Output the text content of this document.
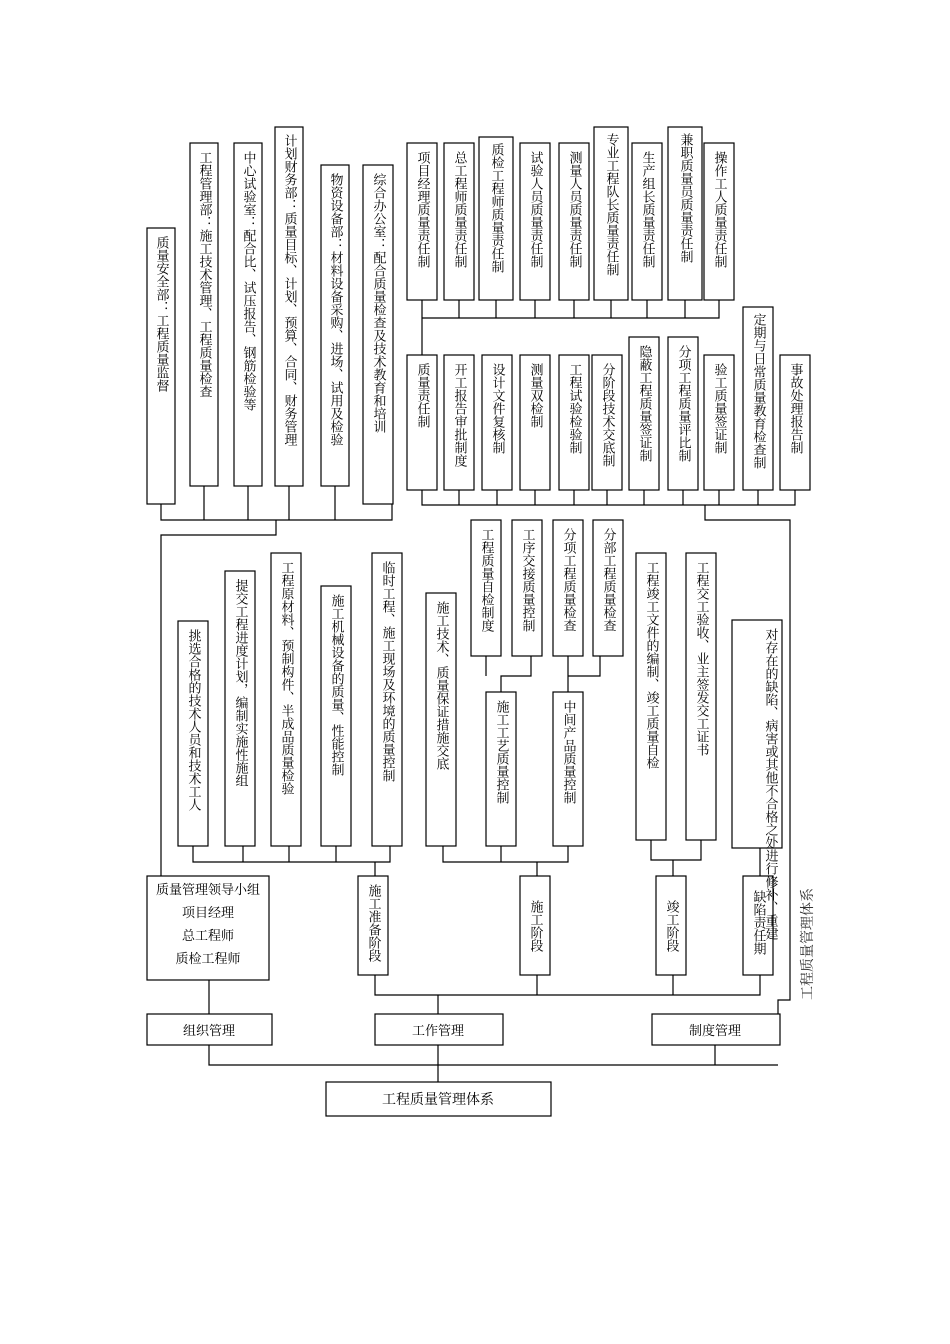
工程质量管理体系
组织管理	工作管理	制度管理
质量管理领导小组
项目经理
总工程师
质检工程师
质量安全部：工程质量监督 工程管理部：施工技术管理、工程质量检查 中心试验室：配合比、试压报告、钢筋检验等 计划财务部：质量目标、计划、预算、合同、财务管理 物资设备部：材料设备采购、进场、试用及检验 综合办公室：配合质量检查及技术教育和培训
施工准备阶段	施工阶段	竣工阶段	缺陷责任期
挑选合格的技术人员和技术工人 提交工程进度计划，编制实施性施组 工程原材料、预制构件、半成品质量检验	施工机械设备的质量、性能控制	临时工程、施工现场及环境的质量控制	施工技术、质量保证措施交底	施工工艺质量控制	中间产品质量控制
工程质量自检制度 工序交接质量控制 分项工程质量检查 分部工程质量检查 工程竣工文件的编制、竣工质量自检	工程交工验收、业主签发交工证书	对存在的缺陷、病害或其他不合格之处进行修补、重建
质量责任制 开工报告审批制度 设计文件复核制 测量双检制 工程试验检验制 分阶段技术交底制 隐蔽工程质量签证制 分项工程质量评比制 验工质量签证制 定期与日常质量教育检查制 事故处理报告制
项目经理质量责任制 总工程师质量责任制 质检工程师质量责任制 试验人员质量责任制 测量人员质量责任制 专业工程队长质量责任制 生产组长质量责任制 兼职质量员质量责任制 操作工人质量责任制
工程质量管理体系
